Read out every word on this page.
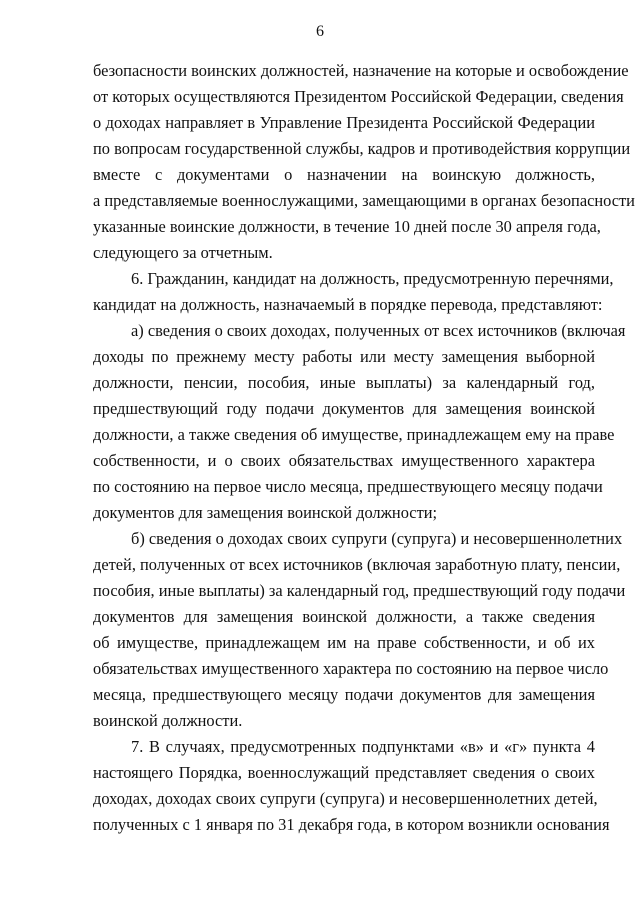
6
безопасности воинских должностей, назначение на которые и освобождение
от которых осуществляются Президентом Российской Федерации, сведения
о доходах направляет в Управление Президента Российской Федерации
по вопросам государственной службы, кадров и противодействия коррупции
вместе с документами о назначении на воинскую должность,
а представляемые военнослужащими, замещающими в органах безопасности
указанные воинские должности, в течение 10 дней после 30 апреля года,
следующего за отчетным.
6. Гражданин, кандидат на должность, предусмотренную перечнями,
кандидат на должность, назначаемый в порядке перевода, представляют:
а) сведения о своих доходах, полученных от всех источников (включая
доходы по прежнему месту работы или месту замещения выборной
должности, пенсии, пособия, иные выплаты) за календарный год,
предшествующий году подачи документов для замещения воинской
должности, а также сведения об имуществе, принадлежащем ему на праве
собственности, и о своих обязательствах имущественного характера
по состоянию на первое число месяца, предшествующего месяцу подачи
документов для замещения воинской должности;
б) сведения о доходах своих супруги (супруга) и несовершеннолетних
детей, полученных от всех источников (включая заработную плату, пенсии,
пособия, иные выплаты) за календарный год, предшествующий году подачи
документов для замещения воинской должности, а также сведения
об имуществе, принадлежащем им на праве собственности, и об их
обязательствах имущественного характера по состоянию на первое число
месяца, предшествующего месяцу подачи документов для замещения
воинской должности.
7. В случаях, предусмотренных подпунктами «в» и «г» пункта 4
настоящего Порядка, военнослужащий представляет сведения о своих
доходах, доходах своих супруги (супруга) и несовершеннолетних детей,
полученных с 1 января по 31 декабря года, в котором возникли основания
